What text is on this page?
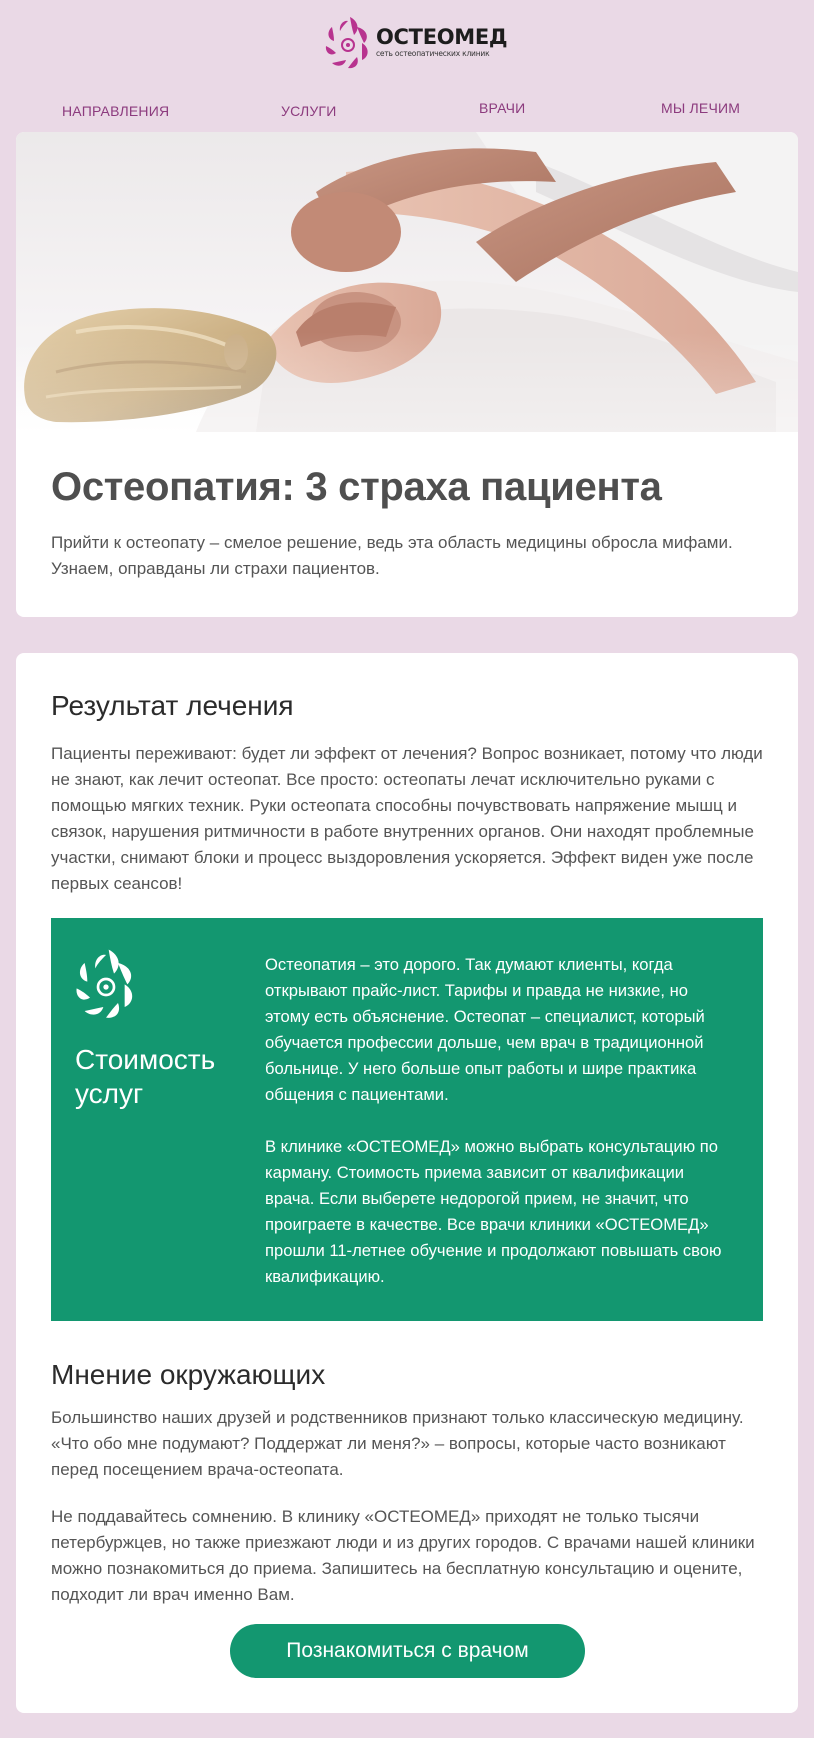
ОСТЕОМЕД
сеть остеопатических клиник
НАПРАВЛЕНИЯ	УСЛУГИ	ВРАЧИ	МЫ ЛЕЧИМ
Остеопатия: 3 страха пациента
Прийти к остеопату – смелое решение, ведь эта область медицины обросла мифами. Узнаем, оправданы ли страхи пациентов.
Результат лечения
Пациенты переживают: будет ли эффект от лечения? Вопрос возникает, потому что люди не знают, как лечит остеопат. Все просто: остеопаты лечат исключительно руками с помощью мягких техник. Руки остеопата способны почувствовать напряжение мышц и связок, нарушения ритмичности в работе внутренних органов. Они находят проблемные участки, снимают блоки и процесс выздоровления ускоряется. Эффект виден уже после первых сеансов!
Стоимость услуг

Остеопатия – это дорого. Так думают клиенты, когда открывают прайс-лист. Тарифы и правда не низкие, но этому есть объяснение. Остеопат – специалист, который обучается профессии дольше, чем врач в традиционной больнице. У него больше опыт работы и шире практика общения с пациентами.

В клинике «ОСТЕОМЕД» можно выбрать консультацию по карману. Стоимость приема зависит от квалификации врача. Если выберете недорогой прием, не значит, что проиграете в качестве. Все врачи клиники «ОСТЕОМЕД» прошли 11-летнее обучение и продолжают повышать свою квалификацию.

Мнение окружающих
Большинство наших друзей и родственников признают только классическую медицину. «Что обо мне подумают? Поддержат ли меня?» – вопросы, которые часто возникают перед посещением врача-остеопата.
Не поддавайтесь сомнению. В клинику «ОСТЕОМЕД» приходят не только тысячи петербуржцев, но также приезжают люди и из других городов. С врачами нашей клиники можно познакомиться до приема. Запишитесь на бесплатную консультацию и оцените, подходит ли врач именно Вам.
Познакомиться с врачом
